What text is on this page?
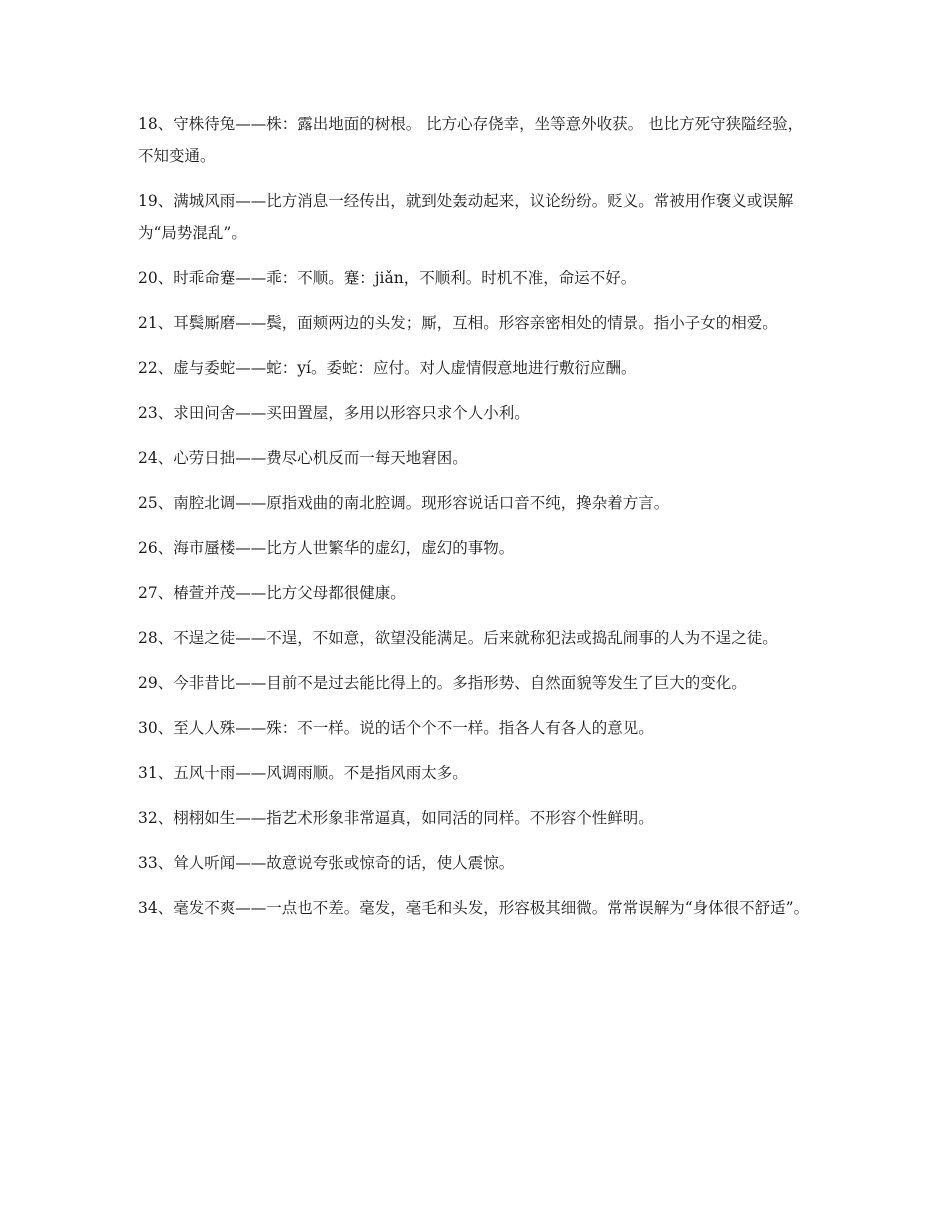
18、守株待兔——株：露出地面的树根。 比方心存侥幸，坐等意外收获。 也比方死守狭隘经验，不知变通。

19、满城风雨——比方消息一经传出，就到处轰动起来，议论纷纷。贬义。常被用作褒义或误解为“局势混乱”。

20、时乖命蹇——乖：不顺。蹇：jiǎn，不顺利。时机不准，命运不好。

21、耳鬓厮磨——鬓，面颊两边的头发；厮，互相。形容亲密相处的情景。指小子女的相爱。

22、虚与委蛇——蛇：yí。委蛇：应付。对人虚情假意地进行敷衍应酬。

23、求田问舍——买田置屋，多用以形容只求个人小利。

24、心劳日拙——费尽心机反而一每天地窘困。

25、南腔北调——原指戏曲的南北腔调。现形容说话口音不纯，搀杂着方言。

26、海市蜃楼——比方人世繁华的虚幻，虚幻的事物。

27、椿萱并茂——比方父母都很健康。

28、不逞之徒——不逞，不如意，欲望没能满足。后来就称犯法或捣乱闹事的人为不逞之徒。

29、今非昔比——目前不是过去能比得上的。多指形势、自然面貌等发生了巨大的变化。

30、至人人殊——殊：不一样。说的话个个不一样。指各人有各人的意见。

31、五风十雨——风调雨顺。不是指风雨太多。

32、栩栩如生——指艺术形象非常逼真，如同活的同样。不形容个性鲜明。

33、耸人听闻——故意说夸张或惊奇的话，使人震惊。

34、毫发不爽——一点也不差。毫发，毫毛和头发，形容极其细微。常常误解为“身体很不舒适”。
